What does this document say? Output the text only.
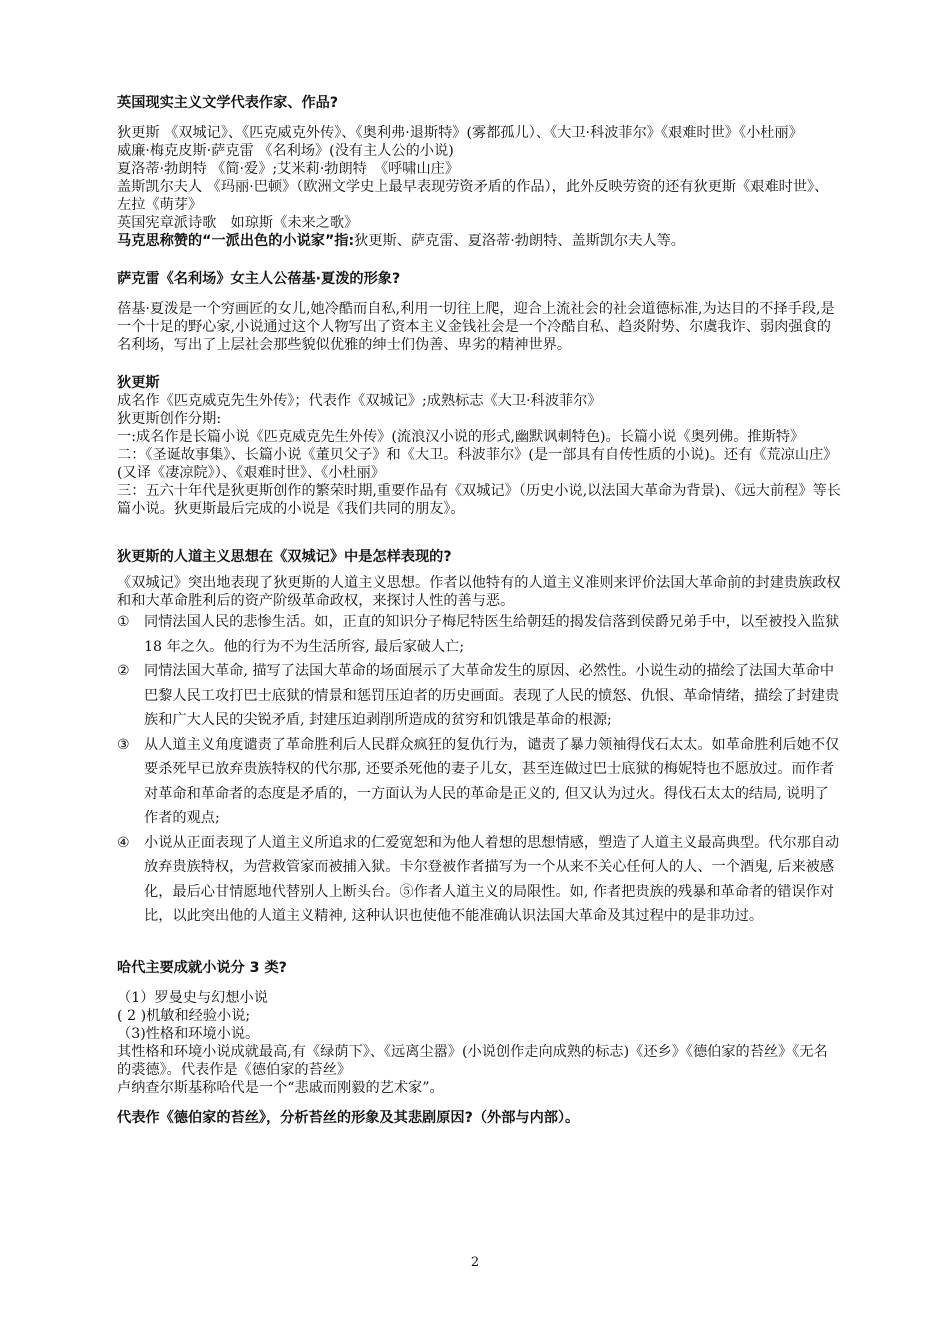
英国现实主义文学代表作家、作品?
狄更斯 《双城记》、《匹克威克外传》、《奥利弗·退斯特》(雾都孤儿）、《大卫·科波菲尔》《艰难时世》《小杜丽》
威廉·梅克皮斯·萨克雷 《名利场》(没有主人公的小说)
夏洛蒂·勃朗特 《简·爱》;艾米莉·勃朗特　《呼啸山庄》
盖斯凯尔夫人 《玛丽·巴顿》（欧洲文学史上最早表现劳资矛盾的作品），此外反映劳资的还有狄更斯《艰难时世》、左拉《萌芽》
英国宪章派诗歌　如琼斯《未来之歌》
马克思称赞的“一派出色的小说家”指:狄更斯、萨克雷、夏洛蒂·勃朗特、盖斯凯尔夫人等。
萨克雷《名利场》女主人公蓓基·夏泼的形象?
蓓基·夏泼是一个穷画匠的女儿,她冷酷而自私,利用一切往上爬，迎合上流社会的社会道德标准,为达目的不择手段,是一个十足的野心家,小说通过这个人物写出了资本主义金钱社会是一个冷酷自私、趋炎附势、尔虞我诈、弱肉强食的名利场，写出了上层社会那些貌似优雅的绅士们伪善、卑劣的精神世界。
狄更斯
成名作《匹克威克先生外传》；代表作《双城记》;成熟标志《大卫·科波菲尔》
狄更斯创作分期:
一:成名作是长篇小说《匹克威克先生外传》(流浪汉小说的形式,幽默讽刺特色)。长篇小说《奥列佛。推斯特》
二：《圣诞故事集》、长篇小说《董贝父子》和《大卫。科波菲尔》(是一部具有自传性质的小说)。还有《荒凉山庄》(又译《凄凉院》）、《艰难时世》、《小杜丽》
三：五六十年代是狄更斯创作的繁荣时期,重要作品有《双城记》（历史小说,以法国大革命为背景)、《远大前程》等长篇小说。狄更斯最后完成的小说是《我们共同的朋友》。
狄更斯的人道主义思想在《双城记》中是怎样表现的?
《双城记》突出地表现了狄更斯的人道主义思想。作者以他特有的人道主义准则来评价法国大革命前的封建贵族政权和和大革命胜利后的资产阶级革命政权，来探讨人性的善与恶。
① 同情法国人民的悲惨生活。如，正直的知识分子梅尼特医生给朝廷的揭发信落到侯爵兄弟手中，以至被投入监狱 18 年之久。他的行为不为生活所容, 最后家破人亡;
② 同情法国大革命, 描写了法国大革命的场面展示了大革命发生的原因、必然性。小说生动的描绘了法国大革命中巴黎人民工攻打巴士底狱的情景和惩罚压迫者的历史画面。表现了人民的愤怒、仇恨、革命情绪，描绘了封建贵族和广大人民的尖锐矛盾, 封建压迫剥削所造成的贫穷和饥饿是革命的根源;
③ 从人道主义角度谴责了革命胜利后人民群众疯狂的复仇行为，谴责了暴力领袖得伐石太太。如革命胜利后她不仅要杀死早已放弃贵族特权的代尔那, 还要杀死他的妻子儿女，甚至连做过巴士底狱的梅妮特也不愿放过。而作者对革命和革命者的态度是矛盾的，一方面认为人民的革命是正义的, 但又认为过火。得伐石太太的结局, 说明了作者的观点;
④ 小说从正面表现了人道主义所追求的仁爱宽恕和为他人着想的思想情感，塑造了人道主义最高典型。代尔那自动放弃贵族特权，为营救管家而被捕入狱。卡尔登被作者描写为一个从来不关心任何人的人、一个酒鬼, 后来被感化，最后心甘情愿地代替别人上断头台。⑤作者人道主义的局限性。如, 作者把贵族的残暴和革命者的错误作对比，以此突出他的人道主义精神, 这种认识也使他不能准确认识法国大革命及其过程中的是非功过。
哈代主要成就小说分 3 类?
（1）罗曼史与幻想小说
( 2 )机敏和经验小说;
（3)性格和环境小说。
其性格和环境小说成就最高,有《绿荫下》、《远离尘嚣》(小说创作走向成熟的标志)《还乡》《德伯家的苔丝》《无名的裘德》。代表作是《德伯家的苔丝》
卢纳查尔斯基称哈代是一个“悲戚而刚毅的艺术家”。
代表作《德伯家的苔丝》，分析苔丝的形象及其悲剧原因?（外部与内部）。
2
